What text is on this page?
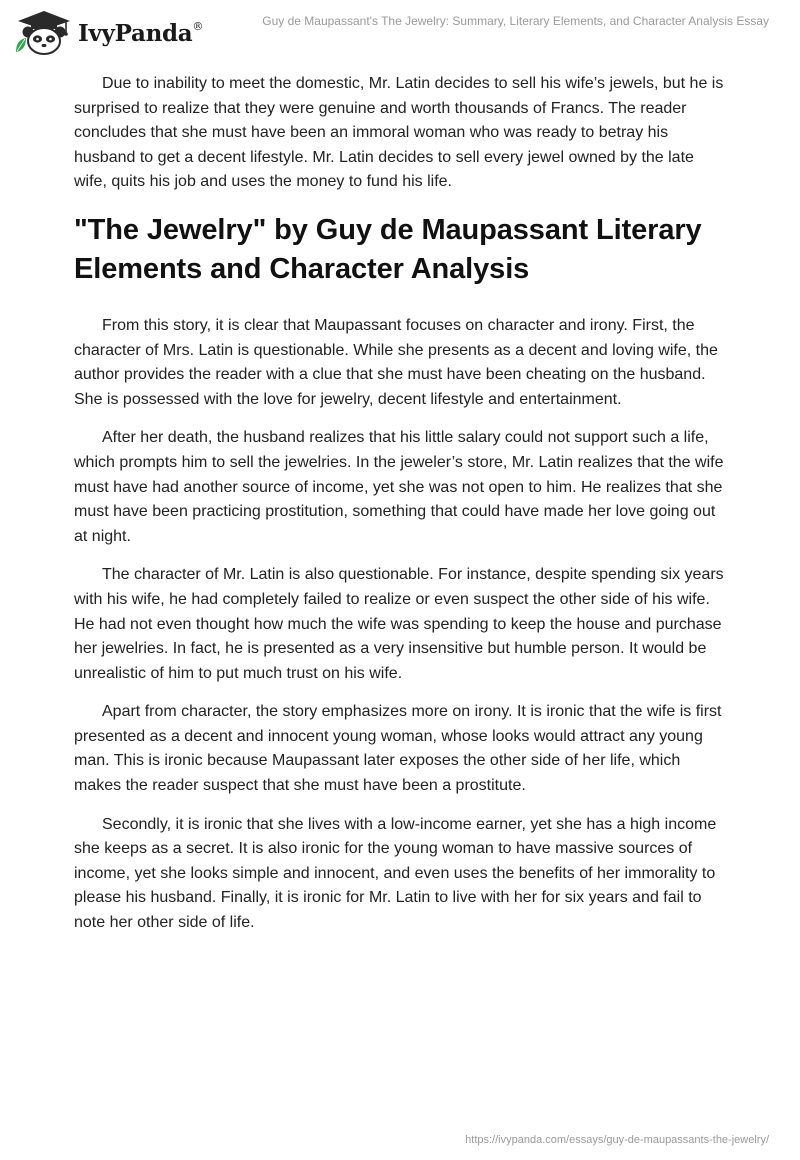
IvyPanda®	Guy de Maupassant's The Jewelry: Summary, Literary Elements, and Character Analysis Essay

Due to inability to meet the domestic, Mr. Latin decides to sell his wife’s jewels, but he is surprised to realize that they were genuine and worth thousands of Francs. The reader concludes that she must have been an immoral woman who was ready to betray his husband to get a decent lifestyle. Mr. Latin decides to sell every jewel owned by the late wife, quits his job and uses the money to fund his life.

"The Jewelry" by Guy de Maupassant Literary Elements and Character Analysis

From this story, it is clear that Maupassant focuses on character and irony. First, the character of Mrs. Latin is questionable. While she presents as a decent and loving wife, the author provides the reader with a clue that she must have been cheating on the husband. She is possessed with the love for jewelry, decent lifestyle and entertainment.

After her death, the husband realizes that his little salary could not support such a life, which prompts him to sell the jewelries. In the jeweler’s store, Mr. Latin realizes that the wife must have had another source of income, yet she was not open to him. He realizes that she must have been practicing prostitution, something that could have made her love going out at night.

The character of Mr. Latin is also questionable. For instance, despite spending six years with his wife, he had completely failed to realize or even suspect the other side of his wife. He had not even thought how much the wife was spending to keep the house and purchase her jewelries. In fact, he is presented as a very insensitive but humble person. It would be unrealistic of him to put much trust on his wife.

Apart from character, the story emphasizes more on irony. It is ironic that the wife is first presented as a decent and innocent young woman, whose looks would attract any young man. This is ironic because Maupassant later exposes the other side of her life, which makes the reader suspect that she must have been a prostitute.

Secondly, it is ironic that she lives with a low-income earner, yet she has a high income she keeps as a secret. It is also ironic for the young woman to have massive sources of income, yet she looks simple and innocent, and even uses the benefits of her immorality to please his husband. Finally, it is ironic for Mr. Latin to live with her for six years and fail to note her other side of life.

https://ivypanda.com/essays/guy-de-maupassants-the-jewelry/
